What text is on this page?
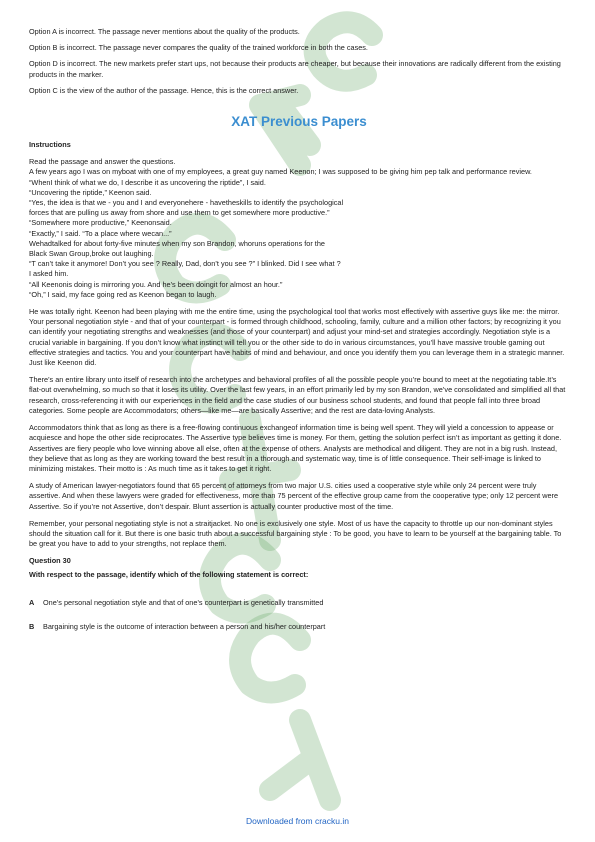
Option A is incorrect. The passage never mentions about the quality of the products.

Option B is incorrect. The passage never compares the quality of the trained workforce in both the cases.

Option D is incorrect. The new markets prefer start ups, not because their products are cheaper, but because their innovations are radically different from the existing products in the marker.

Option C is the view of the author of the passage. Hence, this is the correct answer.

XAT Previous Papers

Instructions

Read the passage and answer the questions.

A few years ago I was on myboat with one of my employees, a great guy named Keenon; I was supposed to be giving him pep talk and performance review.

“WhenI think of what we do, I describe it as uncovering the riptide”, I said.

“Uncovering the riptide,” Keenon said.

“Yes, the idea is that we - you and I and everyonehere - havetheskills to identify the psychological

forces that are pulling us away from shore and use them to get somewhere more productive.”

“Somewhere more productive,” Keenonsaid.

“Exactly,” I said. “To a place where wecan...”

Wehadtalked for about forty-five minutes when my son Brandon, whoruns operations for the

Black Swan Group,broke out laughing.

“T can’t take it anymore! Don’t you see ? Really, Dad, don’t you see ?” I blinked. Did I see what ?

I asked him.

“All Keenonis doing is mirroring you. And he’s been doingit for almost an hour.”

“Oh,” I said, my face going red as Keenon began to laugh.

He was totally right. Keenon had been playing with me the entire time, using the psychological tool that works most effectively with assertive guys like me: the mirror. Your personal negotiation style - and that of your counterpart - is formed through childhood, schooling, family, culture and a million other factors; by recognizing it you can identify your negotiating strengths and weaknesses (and those of your counterpart) and adjust your mind-set and strategies accordingly. Negotiation style is a crucial variable in bargaining. If you don’t know what instinct will tell you or the other side to do in various circumstances, you’ll have massive trouble gaming out effective strategies and tactics. You and your counterpart have habits of mind and behaviour, and once you identify them you can leverage them in a strategic manner. Just like Keenon did.

There’s an entire library unto itself of research into the archetypes and behavioral profiles of all the possible people you’re bound to meet at the negotiating table.It’s flat-out overwhelming, so much so that it loses its utility. Over the last few years, in an effort primarily led by my son Brandon, we’ve consolidated and simplified all that research, cross-referencing it with our experiences in the field and the case studies of our business school students, and found that people fall into three broad categories. Some people are Accommodators; others—like me—are basically Assertive; and the rest are data-loving Analysts.

Accommodators think that as long as there is a free-flowing continuous exchangeof information time is being well spent. They will yield a concession to appease or acquiesce and hope the other side reciprocates. The Assertive type believes time is money. For them, getting the solution perfect isn’t as important as getting it done. Assertives are fiery people who love winning above all else, often at the expense of others. Analysts are methodical and diligent. They are not in a big rush. Instead, they believe that as long as they are working toward the best result in a thorough and systematic way, time is of little consequence. Their self-image is linked to minimizing mistakes. Their motto is : As much time as it takes to get it right.

A study of American lawyer-negotiators found that 65 percent of attorneys from two major U.S. cities used a cooperative style while only 24 percent were truly assertive. And when these lawyers were graded for effectiveness, more than 75 percent of the effective group came from the cooperative type; only 12 percent were Assertive. So if you’re not Assertive, don’t despair. Blunt assertion is actually counter productive most of the time.

Remember, your personal negotiating style is not a straitjacket. No one is exclusively one style. Most of us have the capacity to throttle up our non-dominant styles should the situation call for it. But there is one basic truth about a successful bargaining style : To be good, you have to learn to be yourself at the bargaining table. To be great you have to add to your strengths, not replace them.

Question 30

With respect to the passage, identify which of the following statement is correct:

A	One’s personal negotiation style and that of one’s counterpart is genetically transmitted
B	Bargaining style is the outcome of interaction between a person and his/her counterpart
Downloaded from cracku.in
